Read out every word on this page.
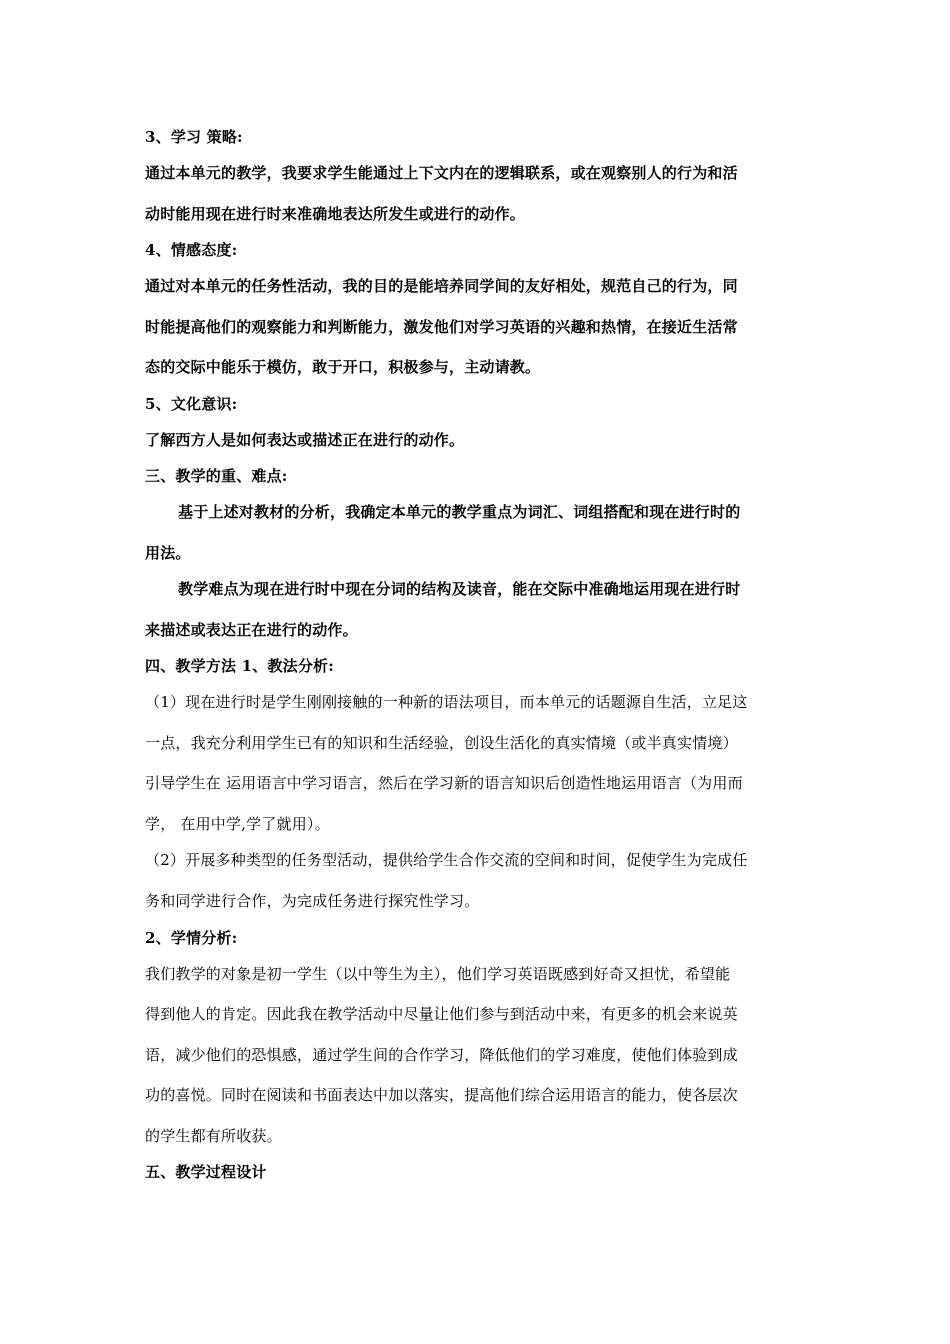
3、学习 策略:
通过本单元的教学，我要求学生能通过上下文内在的逻辑联系，或在观察别人的行为和活
动时能用现在进行时来准确地表达所发生或进行的动作。
4、情感态度:
通过对本单元的任务性活动，我的目的是能培养同学间的友好相处，规范自己的行为，同
时能提高他们的观察能力和判断能力，激发他们对学习英语的兴趣和热情，在接近生活常
态的交际中能乐于模仿，敢于开口，积极参与，主动请教。
5、文化意识:
了解西方人是如何表达或描述正在进行的动作。
三、教学的重、难点:
基于上述对教材的分析，我确定本单元的教学重点为词汇、词组搭配和现在进行时的
用法。
教学难点为现在进行时中现在分词的结构及读音，能在交际中准确地运用现在进行时
来描述或表达正在进行的动作。
四、教学方法 1、教法分析:
（1）现在进行时是学生刚刚接触的一种新的语法项目，而本单元的话题源自生活，立足这
一点，我充分利用学生已有的知识和生活经验，创设生活化的真实情境（或半真实情境）
引导学生在 运用语言中学习语言，然后在学习新的语言知识后创造性地运用语言（为用而
学， 在用中学,学了就用）。
（2）开展多种类型的任务型活动，提供给学生合作交流的空间和时间，促使学生为完成任
务和同学进行合作，为完成任务进行探究性学习。
2、学情分析:
我们教学的对象是初一学生（以中等生为主），他们学习英语既感到好奇又担忧，希望能
得到他人的肯定。因此我在教学活动中尽量让他们参与到活动中来，有更多的机会来说英
语，减少他们的恐惧感，通过学生间的合作学习，降低他们的学习难度，使他们体验到成
功的喜悦。同时在阅读和书面表达中加以落实，提高他们综合运用语言的能力，使各层次
的学生都有所收获。
五、教学过程设计
